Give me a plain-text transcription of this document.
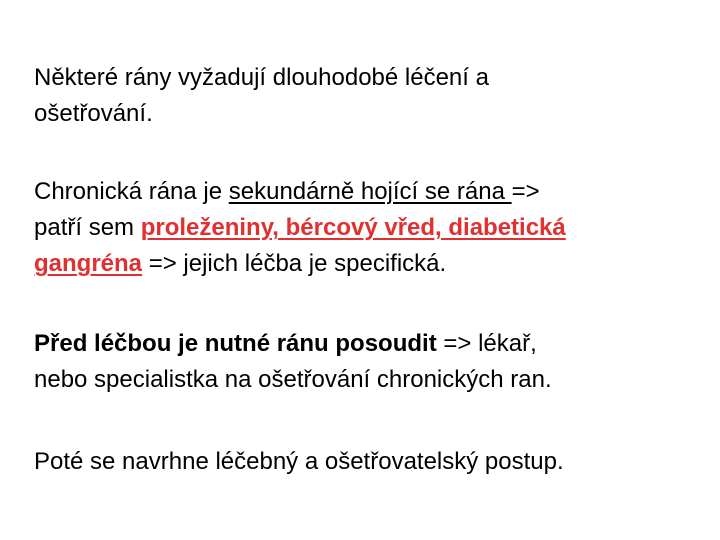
Některé rány vyžadují dlouhodobé léčení a
ošetřování.

Chronická rána je sekundárně hojící se rána =>
patří sem proleženiny, bércový vřed, diabetická
gangréna => jejich léčba je specifická.

Před léčbou je nutné ránu posoudit => lékař,
nebo specialistka na ošetřování chronických ran.

Poté se navrhne léčebný a ošetřovatelský postup.
